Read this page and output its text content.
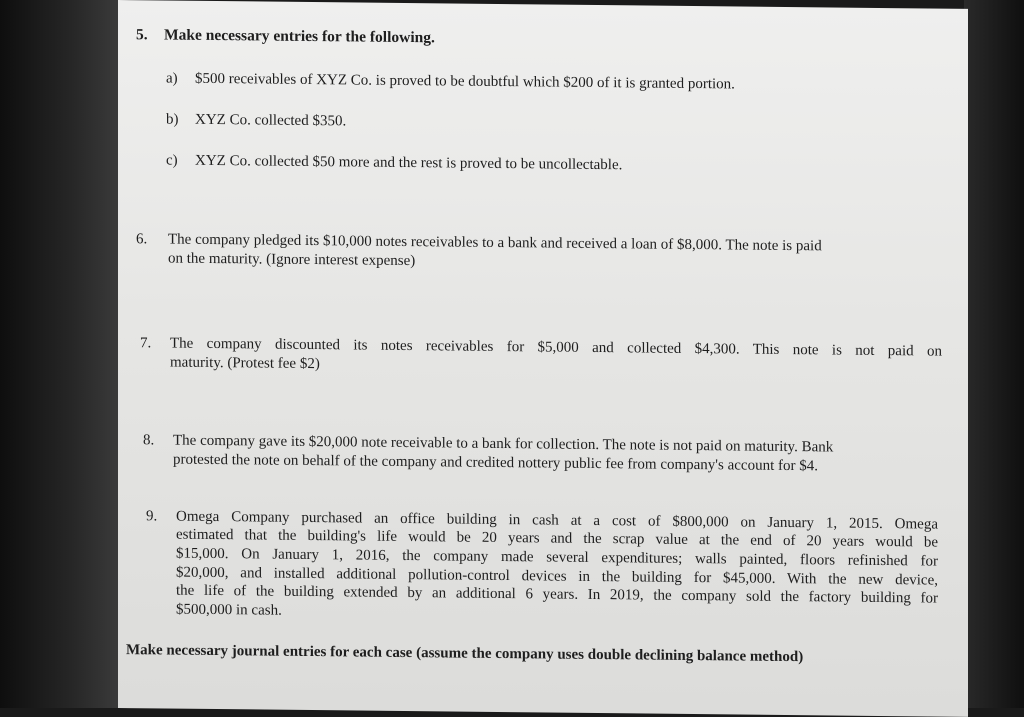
5. Make necessary entries for the following.
a) $500 receivables of XYZ Co. is proved to be doubtful which $200 of it is granted portion.
b) XYZ Co. collected $350.
c) XYZ Co. collected $50 more and the rest is proved to be uncollectable.
6. The company pledged its $10,000 notes receivables to a bank and received a loan of $8,000. The note is paid
on the maturity. (Ignore interest expense)
7. The company discounted its notes receivables for $5,000 and collected $4,300. This note is not paid on
maturity. (Protest fee $2)
8. The company gave its $20,000 note receivable to a bank for collection. The note is not paid on maturity. Bank
protested the note on behalf of the company and credited nottery public fee from company's account for $4.
9. Omega Company purchased an office building in cash at a cost of $800,000 on January 1, 2015. Omega
estimated that the building's life would be 20 years and the scrap value at the end of 20 years would be
$15,000. On January 1, 2016, the company made several expenditures; walls painted, floors refinished for
$20,000, and installed additional pollution-control devices in the building for $45,000. With the new device,
the life of the building extended by an additional 6 years. In 2019, the company sold the factory building for
$500,000 in cash.
Make necessary journal entries for each case (assume the company uses double declining balance method)
